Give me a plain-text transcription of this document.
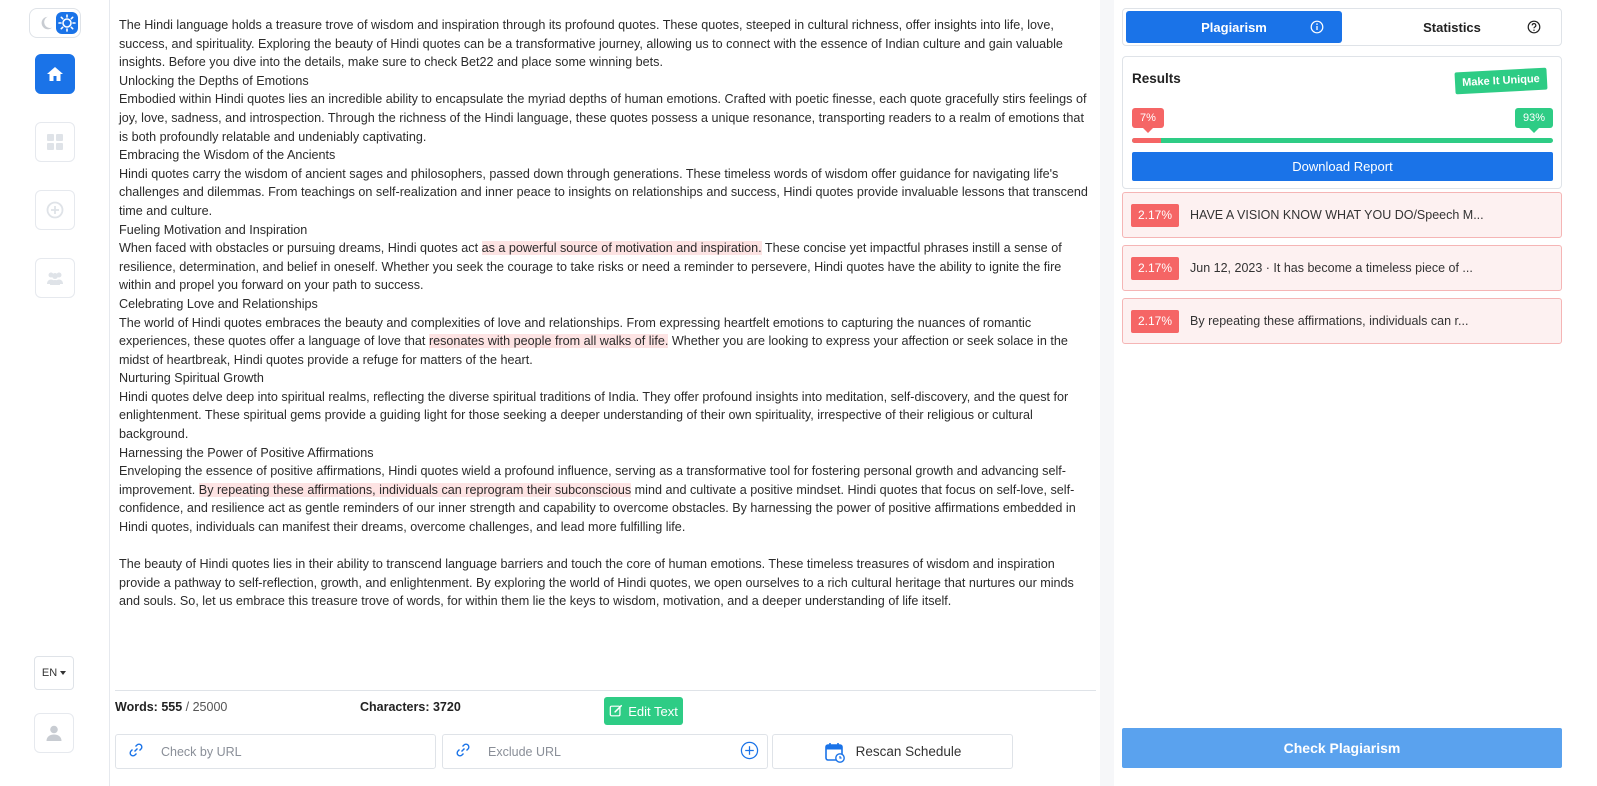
EN

The Hindi language holds a treasure trove of wisdom and inspiration through its profound quotes. These quotes, steeped in cultural richness, offer insights into life, love, success, and spirituality. Exploring the beauty of Hindi quotes can be a transformative journey, allowing us to connect with the essence of Indian culture and gain valuable insights. Before you dive into the details, make sure to check Bet22 and place some winning bets.

Unlocking the Depths of Emotions

Embodied within Hindi quotes lies an incredible ability to encapsulate the myriad depths of human emotions. Crafted with poetic finesse, each quote gracefully stirs feelings of joy, love, sadness, and introspection. Through the richness of the Hindi language, these quotes possess a unique resonance, transporting readers to a realm of emotions that is both profoundly relatable and undeniably captivating.

Embracing the Wisdom of the Ancients

Hindi quotes carry the wisdom of ancient sages and philosophers, passed down through generations. These timeless words of wisdom offer guidance for navigating life's challenges and dilemmas. From teachings on self-realization and inner peace to insights on relationships and success, Hindi quotes provide invaluable lessons that transcend time and culture.

Fueling Motivation and Inspiration

When faced with obstacles or pursuing dreams, Hindi quotes act as a powerful source of motivation and inspiration. These concise yet impactful phrases instill a sense of resilience, determination, and belief in oneself. Whether you seek the courage to take risks or need a reminder to persevere, Hindi quotes have the ability to ignite the fire within and propel you forward on your path to success.

Celebrating Love and Relationships

The world of Hindi quotes embraces the beauty and complexities of love and relationships. From expressing heartfelt emotions to capturing the nuances of romantic experiences, these quotes offer a language of love that resonates with people from all walks of life. Whether you are looking to express your affection or seek solace in the midst of heartbreak, Hindi quotes provide a refuge for matters of the heart.

Nurturing Spiritual Growth

Hindi quotes delve deep into spiritual realms, reflecting the diverse spiritual traditions of India. They offer profound insights into meditation, self-discovery, and the quest for enlightenment. These spiritual gems provide a guiding light for those seeking a deeper understanding of their own spirituality, irrespective of their religious or cultural background.

Harnessing the Power of Positive Affirmations

Enveloping the essence of positive affirmations, Hindi quotes wield a profound influence, serving as a transformative tool for fostering personal growth and advancing self-improvement. By repeating these affirmations, individuals can reprogram their subconscious mind and cultivate a positive mindset. Hindi quotes that focus on self-love, self-confidence, and resilience act as gentle reminders of our inner strength and capability to overcome obstacles. By harnessing the power of positive affirmations embedded in Hindi quotes, individuals can manifest their dreams, overcome challenges, and lead more fulfilling life.

The beauty of Hindi quotes lies in their ability to transcend language barriers and touch the core of human emotions. These timeless treasures of wisdom and inspiration provide a pathway to self-reflection, growth, and enlightenment. By exploring the world of Hindi quotes, we open ourselves to a rich cultural heritage that nurtures our minds and souls. So, let us embrace this treasure trove of words, for within them lie the keys to wisdom, motivation, and a deeper understanding of life itself.

Words: 555 / 25000	Characters: 3720	Edit Text
Check by URL
Exclude URL
Rescan Schedule
Plagiarism	Statistics
Results	Make It Unique
7%	93%
Download Report
2.17%	HAVE A VISION KNOW WHAT YOU DO/Speech M...
2.17%	Jun 12, 2023 · It has become a timeless piece of ...
2.17%	By repeating these affirmations, individuals can r...
Check Plagiarism
